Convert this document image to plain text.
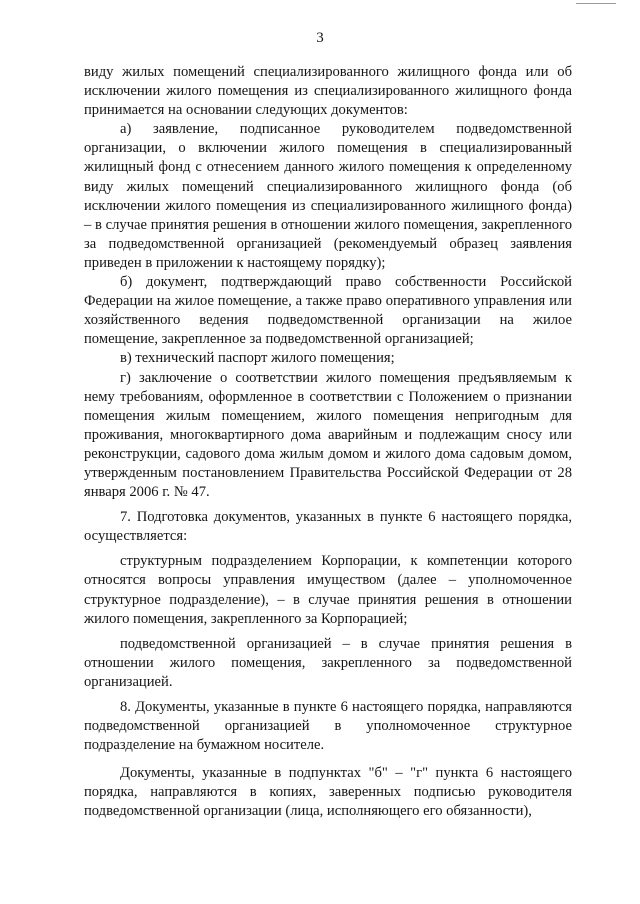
3

виду жилых помещений специализированного жилищного фонда или об исключении жилого помещения из специализированного жилищного фонда принимается на основании следующих документов:

а) заявление, подписанное руководителем подведомственной организации, о включении жилого помещения в специализированный жилищный фонд с отнесением данного жилого помещения к определенному виду жилых помещений специализированного жилищного фонда (об исключении жилого помещения из специализированного жилищного фонда) – в случае принятия решения в отношении жилого помещения, закрепленного за подведомственной организацией (рекомендуемый образец заявления приведен в приложении к настоящему порядку);

б) документ, подтверждающий право собственности Российской Федерации на жилое помещение, а также право оперативного управления или хозяйственного ведения подведомственной организации на жилое помещение, закрепленное за подведомственной организацией;

в) технический паспорт жилого помещения;

г) заключение о соответствии жилого помещения предъявляемым к нему требованиям, оформленное в соответствии с Положением о признании помещения жилым помещением, жилого помещения непригодным для проживания, многоквартирного дома аварийным и подлежащим сносу или реконструкции, садового дома жилым домом и жилого дома садовым домом, утвержденным постановлением Правительства Российской Федерации от 28 января 2006 г. № 47.

7. Подготовка документов, указанных в пункте 6 настоящего порядка, осуществляется:

структурным подразделением Корпорации, к компетенции которого относятся вопросы управления имуществом (далее – уполномоченное структурное подразделение), – в случае принятия решения в отношении жилого помещения, закрепленного за Корпорацией;

подведомственной организацией – в случае принятия решения в отношении жилого помещения, закрепленного за подведомственной организацией.

8. Документы, указанные в пункте 6 настоящего порядка, направляются подведомственной организацией в уполномоченное структурное подразделение на бумажном носителе.

Документы, указанные в подпунктах "б" – "г" пункта 6 настоящего порядка, направляются в копиях, заверенных подписью руководителя подведомственной организации (лица, исполняющего его обязанности),
